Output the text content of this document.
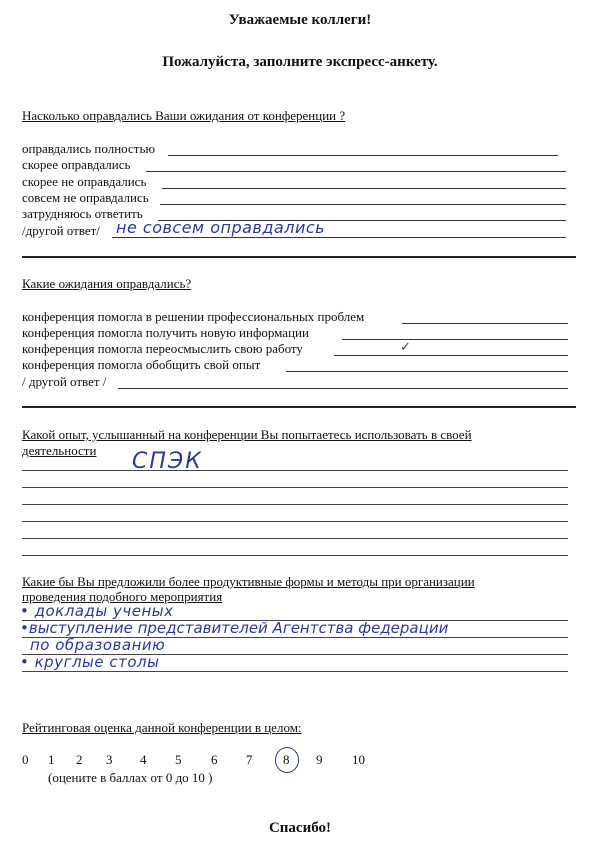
Уважаемые коллеги!
Пожалуйста, заполните экспресс-анкету.
Насколько оправдались Ваши ожидания от конференции ?
оправдались полностью
скорее оправдались
скорее не оправдались
совсем не оправдались
затрудняюсь ответить
/другой ответ/ не совсем оправдались
Какие ожидания оправдались?
конференция помогла в решении профессиональных проблем
конференция помогла получить новую информации
конференция помогла переосмыслить свою работу	✓
конференция помогла обобщить свой опыт
/ другой ответ /
Какой опыт, услышанный на конференции Вы попытаетесь использовать в своей
деятельности СПЭК
Какие бы Вы предложили более продуктивные формы и методы при организации
проведения подобного мероприятия
• доклады ученых
•выступление представителей Агентства федерации
по образованию
• круглые столы
Рейтинговая оценка данной конференции в целом:
0 1 2 3 4 5 6 7 8 9 10
(оцените в баллах от 0 до 10 )
Спасибо!
